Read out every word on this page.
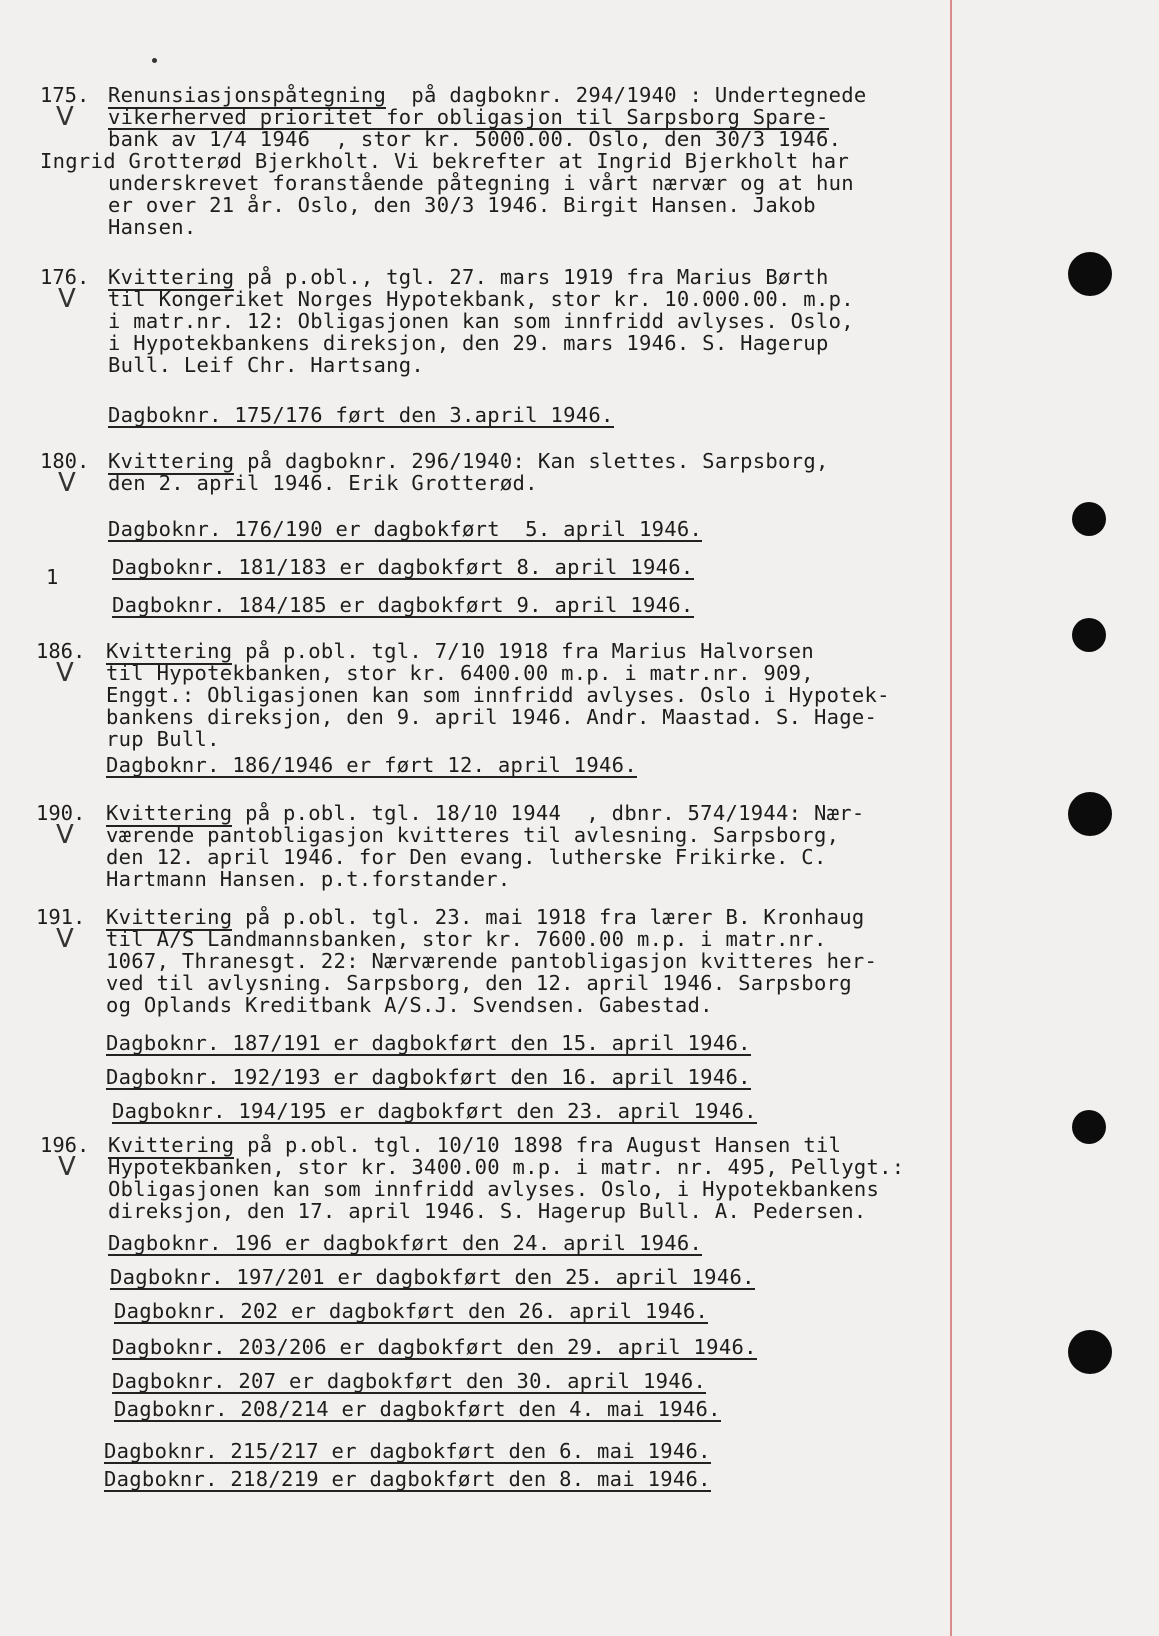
175.
V
Renunsiasjonspåtegning  på dagboknr. 294/1940 : Undertegnede
vikerherved prioritet for obligasjon til Sarpsborg Spare-
bank av 1/4 1946  , stor kr. 5000.00. Oslo, den 30/3 1946.
Ingrid Grotterød Bjerkholt. Vi bekrefter at Ingrid Bjerkholt har
underskrevet foranstående påtegning i vårt nærvær og at hun
er over 21 år. Oslo, den 30/3 1946. Birgit Hansen. Jakob
Hansen.
176.
V
Kvittering på p.obl., tgl. 27. mars 1919 fra Marius Børth
til Kongeriket Norges Hypotekbank, stor kr. 10.000.00. m.p.
i matr.nr. 12: Obligasjonen kan som innfridd avlyses. Oslo,
i Hypotekbankens direksjon, den 29. mars 1946. S. Hagerup
Bull. Leif Chr. Hartsang.
Dagboknr. 175/176 ført den 3.april 1946.
180.
V
Kvittering på dagboknr. 296/1940: Kan slettes. Sarpsborg,
den 2. april 1946. Erik Grotterød.
Dagboknr. 176/190 er dagbokført  5. april 1946.
1	Dagboknr. 181/183 er dagbokført 8. april 1946.
Dagboknr. 184/185 er dagbokført 9. april 1946.
186.
V
Kvittering på p.obl. tgl. 7/10 1918 fra Marius Halvorsen
til Hypotekbanken, stor kr. 6400.00 m.p. i matr.nr. 909,
Enggt.: Obligasjonen kan som innfridd avlyses. Oslo i Hypotek-
bankens direksjon, den 9. april 1946. Andr. Maastad. S. Hage-
rup Bull.
Dagboknr. 186/1946 er ført 12. april 1946.
190.
V
Kvittering på p.obl. tgl. 18/10 1944  , dbnr. 574/1944: Nær-
værende pantobligasjon kvitteres til avlesning. Sarpsborg,
den 12. april 1946. for Den evang. lutherske Frikirke. C.
Hartmann Hansen. p.t.forstander.
191.
V
Kvittering på p.obl. tgl. 23. mai 1918 fra lærer B. Kronhaug
til A/S Landmannsbanken, stor kr. 7600.00 m.p. i matr.nr.
1067, Thranesgt. 22: Nærværende pantobligasjon kvitteres her-
ved til avlysning. Sarpsborg, den 12. april 1946. Sarpsborg
og Oplands Kreditbank A/S.J. Svendsen. Gabestad.
Dagboknr. 187/191 er dagbokført den 15. april 1946.
Dagboknr. 192/193 er dagbokført den 16. april 1946.
Dagboknr. 194/195 er dagbokført den 23. april 1946.
196.
V
Kvittering på p.obl. tgl. 10/10 1898 fra August Hansen til
Hypotekbanken, stor kr. 3400.00 m.p. i matr. nr. 495, Pellygt.:
Obligasjonen kan som innfridd avlyses. Oslo, i Hypotekbankens
direksjon, den 17. april 1946. S. Hagerup Bull. A. Pedersen.
Dagboknr. 196 er dagbokført den 24. april 1946.
Dagboknr. 197/201 er dagbokført den 25. april 1946.
Dagboknr. 202 er dagbokført den 26. april 1946.
Dagboknr. 203/206 er dagbokført den 29. april 1946.
Dagboknr. 207 er dagbokført den 30. april 1946.
Dagboknr. 208/214 er dagbokført den 4. mai 1946.
Dagboknr. 215/217 er dagbokført den 6. mai 1946.
Dagboknr. 218/219 er dagbokført den 8. mai 1946.
